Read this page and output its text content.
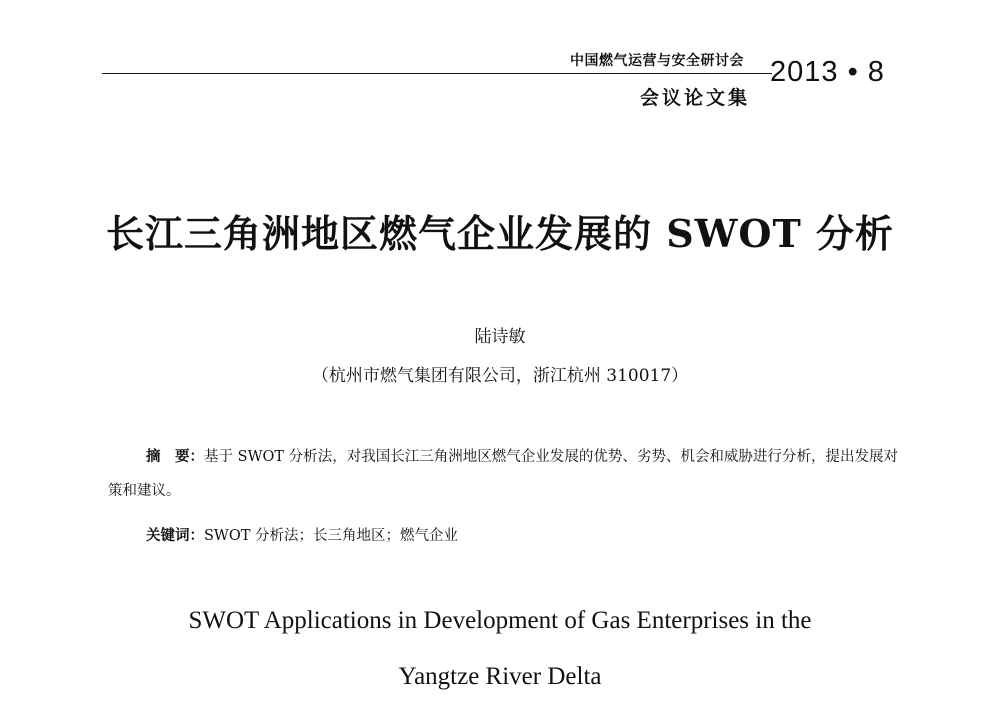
中国燃气运营与安全研讨会
会议论文集
2013 • 8
长江三角洲地区燃气企业发展的 SWOT 分析
陆诗敏
（杭州市燃气集团有限公司，浙江杭州 310017）
摘　要：基于 SWOT 分析法，对我国长江三角洲地区燃气企业发展的优势、劣势、机会和威胁进行分析，提出发展对策和建议。
关键词：SWOT 分析法；长三角地区；燃气企业
SWOT Applications in Development of Gas Enterprises in the
Yangtze River Delta
